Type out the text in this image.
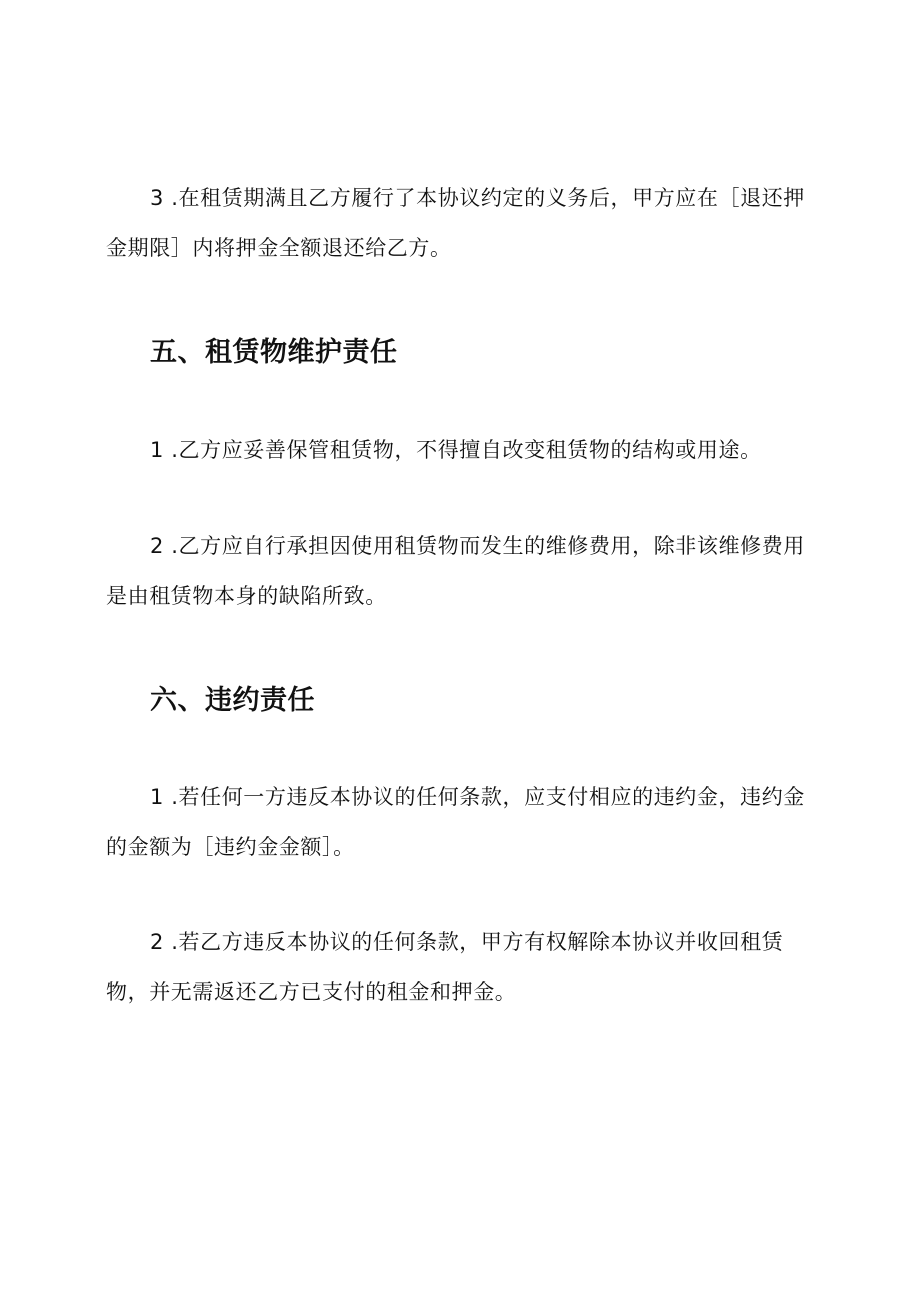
3 .在租赁期满且乙方履行了本协议约定的义务后，甲方应在［退还押金期限］内将押金全额退还给乙方。

五、租赁物维护责任

1 .乙方应妥善保管租赁物，不得擅自改变租赁物的结构或用途。

2 .乙方应自行承担因使用租赁物而发生的维修费用，除非该维修费用是由租赁物本身的缺陷所致。

六、违约责任

1 .若任何一方违反本协议的任何条款，应支付相应的违约金，违约金的金额为［违约金金额］。

2 .若乙方违反本协议的任何条款，甲方有权解除本协议并收回租赁物，并无需返还乙方已支付的租金和押金。
